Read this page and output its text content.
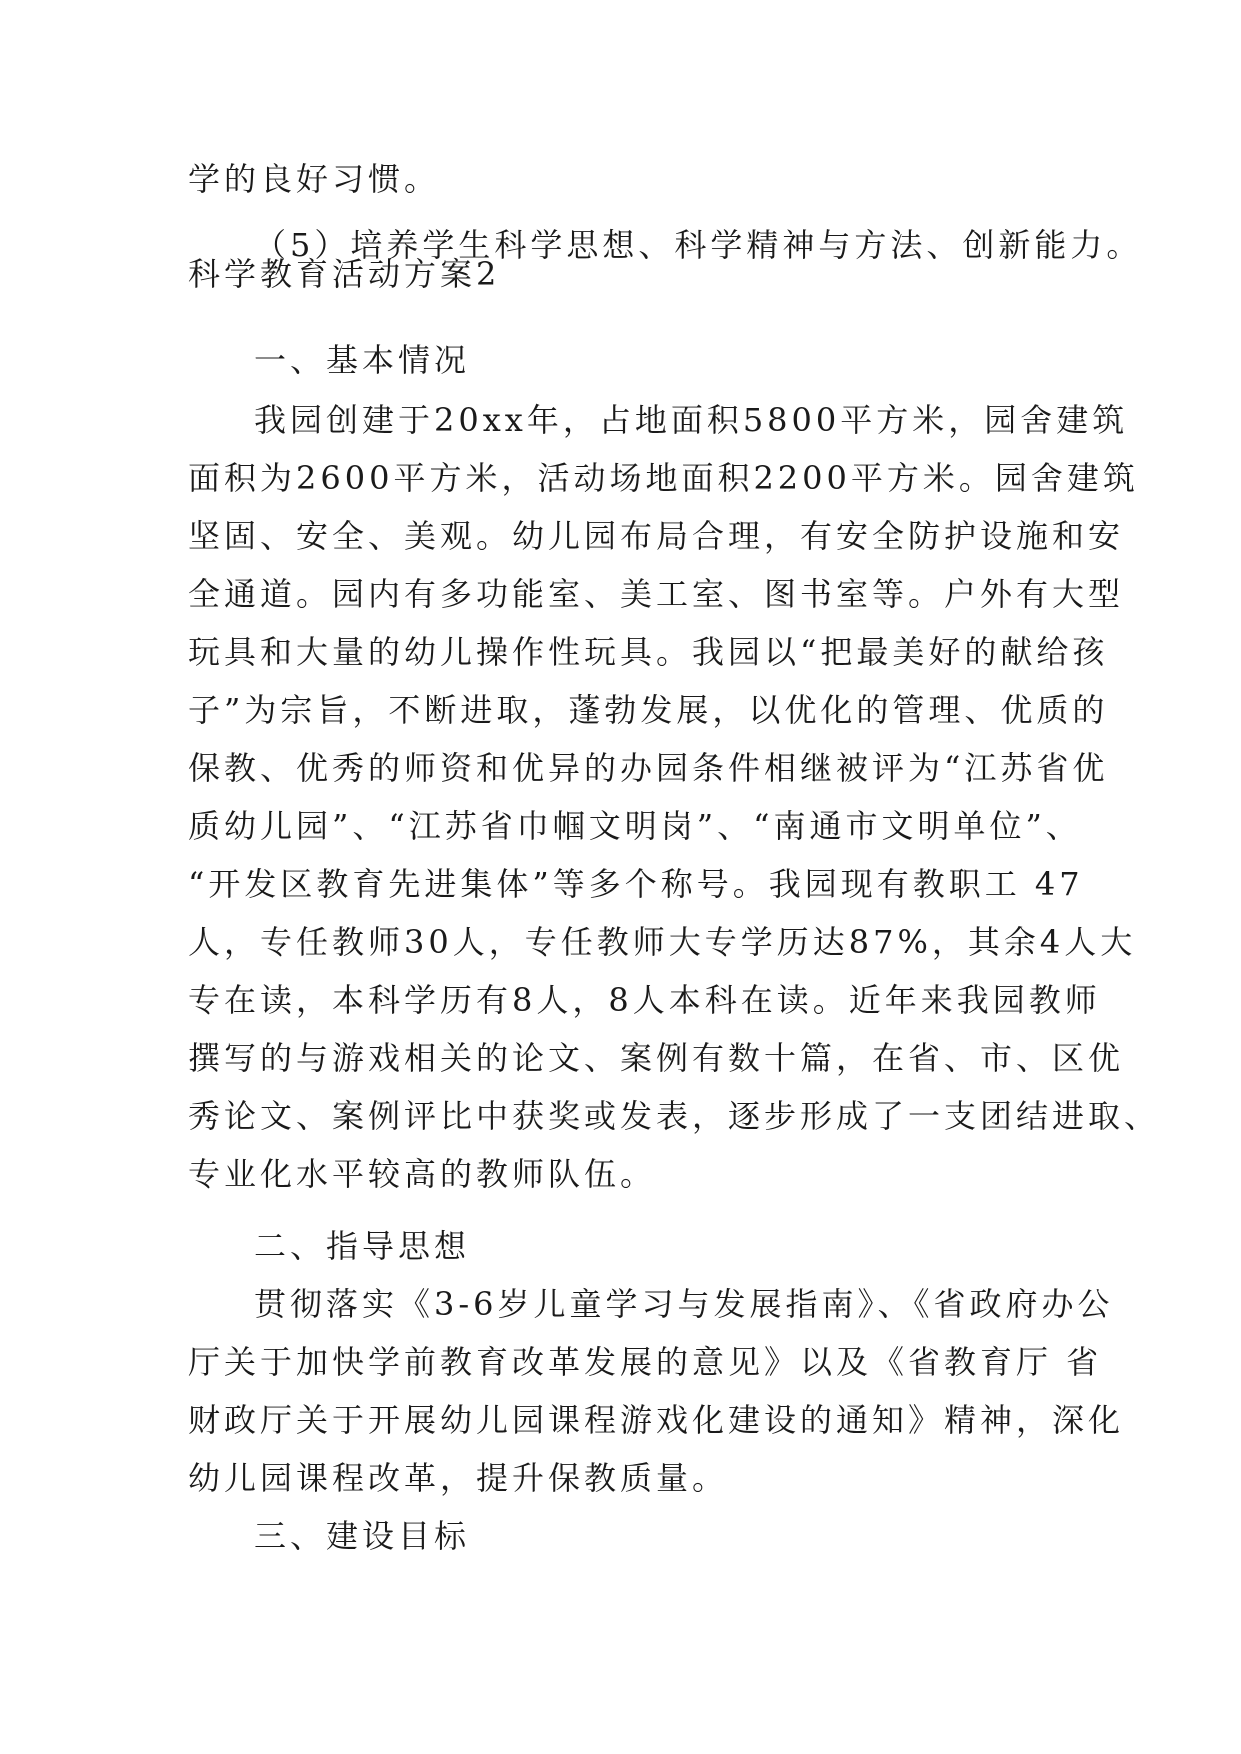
学的良好习惯。
（5）培养学生科学思想、科学精神与方法、创新能力。
科学教育活动方案2
一、基本情况
我园创建于20xx年，占地面积5800平方米，园舍建筑
面积为2600平方米，活动场地面积2200平方米。园舍建筑
坚固、安全、美观。幼儿园布局合理，有安全防护设施和安
全通道。园内有多功能室、美工室、图书室等。户外有大型
玩具和大量的幼儿操作性玩具。我园以“把最美好的献给孩
子”为宗旨，不断进取，蓬勃发展，以优化的管理、优质的
保教、优秀的师资和优异的办园条件相继被评为“江苏省优
质幼儿园”、“江苏省巾帼文明岗”、“南通市文明单位”、
“开发区教育先进集体”等多个称号。我园现有教职工 47
人，专任教师30人，专任教师大专学历达87%，其余4人大
专在读，本科学历有8人，8人本科在读。近年来我园教师
撰写的与游戏相关的论文、案例有数十篇，在省、市、区优
秀论文、案例评比中获奖或发表，逐步形成了一支团结进取、
专业化水平较高的教师队伍。
二、指导思想
贯彻落实《3-6岁儿童学习与发展指南》、《省政府办公
厅关于加快学前教育改革发展的意见》以及《省教育厅 省
财政厅关于开展幼儿园课程游戏化建设的通知》精神，深化
幼儿园课程改革，提升保教质量。
三、建设目标
